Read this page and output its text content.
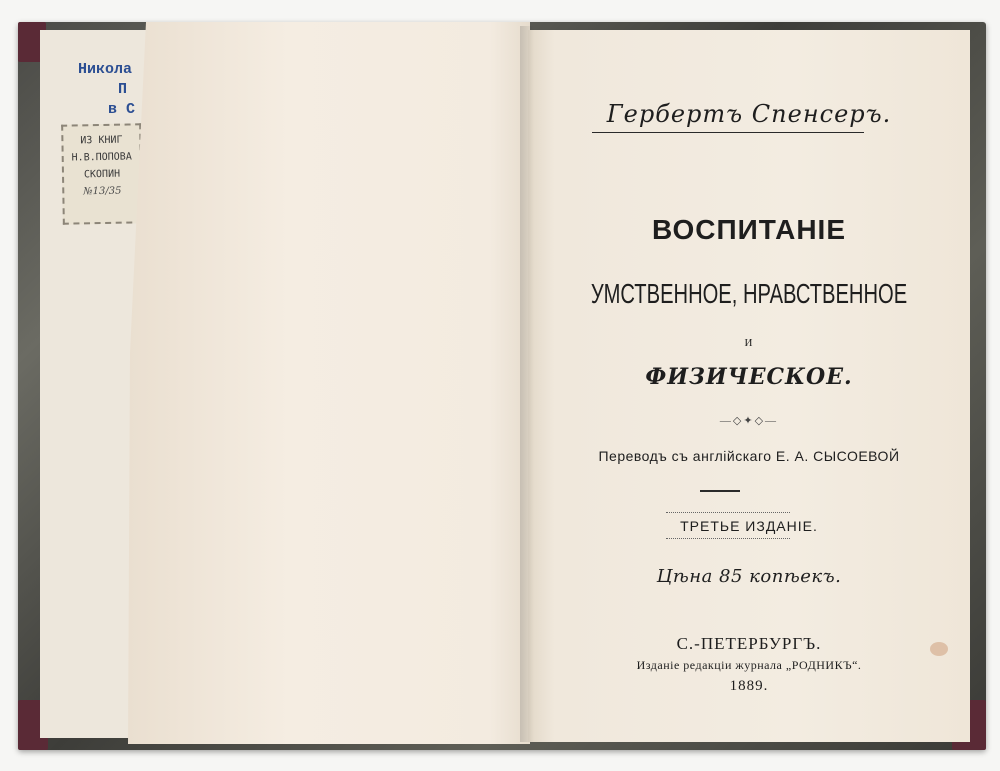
Никола
П
в С
ИЗ КНИГ
Н.В.ПОПОВА
СКОПИН
№13/35

Гербертъ Спенсеръ.

ВОСПИТАНІЕ

УМСТВЕННОЕ, НРАВСТВЕННОЕ

И

ФИЗИЧЕСКОЕ.

—◇✦◇—

Переводъ съ англійскаго Е. А. СЫСОЕВОЙ

ТРЕТЬЕ ИЗДАНІЕ.

Цѣна 85 копѣекъ.

С.-ПЕТЕРБУРГЪ.

Изданіе редакціи журнала „РОДНИКЪ“.

1889.
